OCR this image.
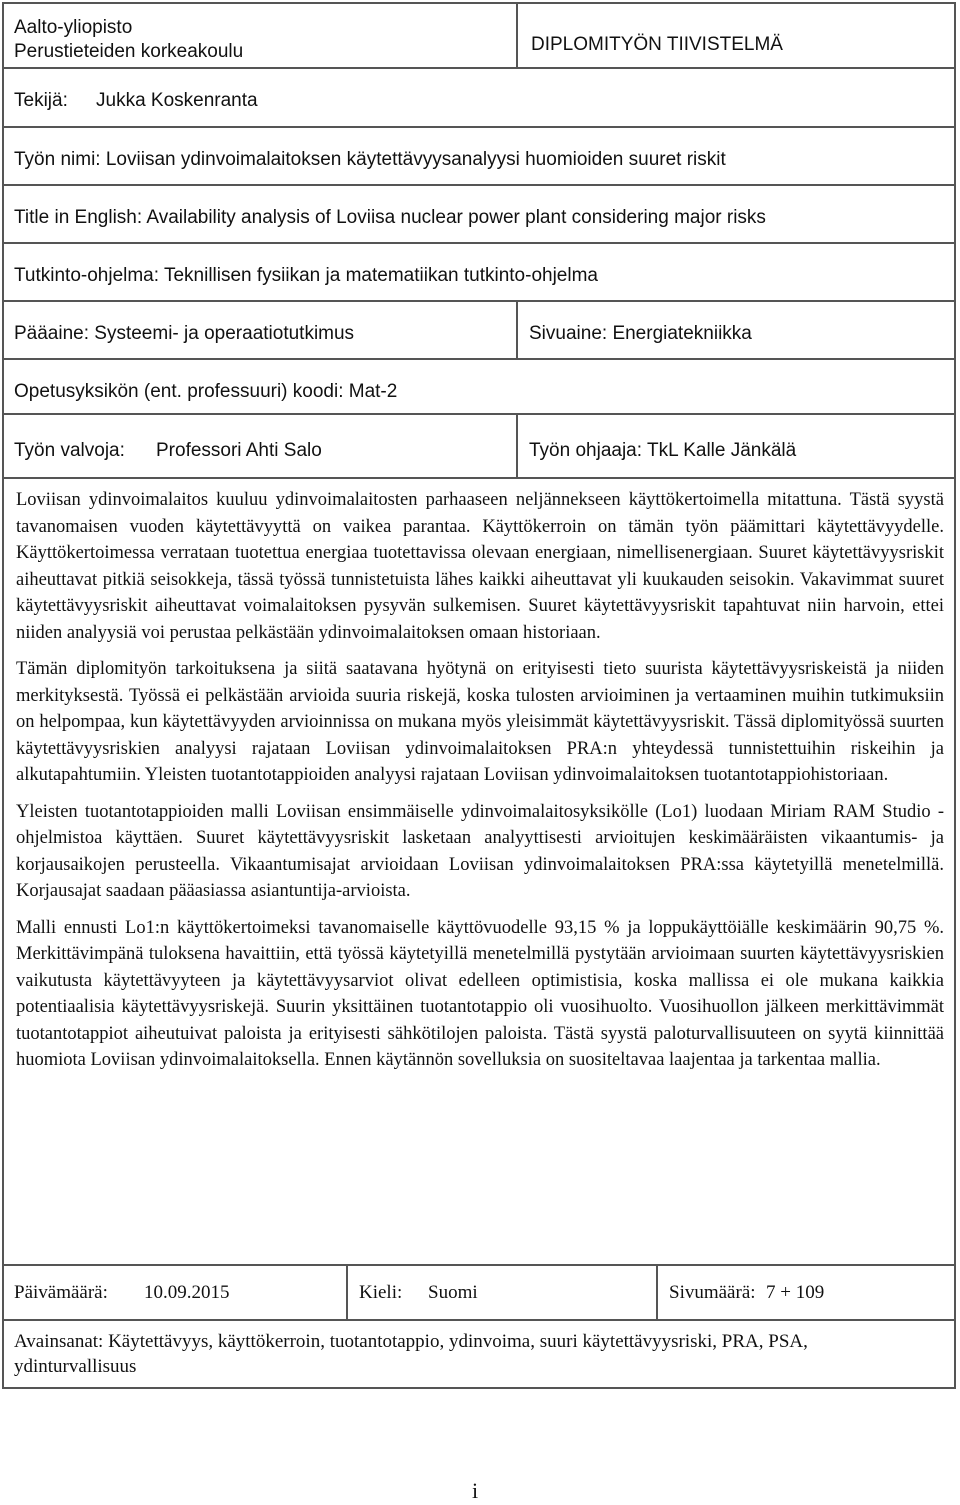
Aalto-yliopisto
Perustieteiden korkeakoulu	DIPLOMITYÖN TIIVISTELMÄ
Tekijä: Jukka Koskenranta
Työn nimi: Loviisan ydinvoimalaitoksen käytettävyysanalyysi huomioiden suuret riskit
Title in English: Availability analysis of Loviisa nuclear power plant considering major risks
Tutkinto-ohjelma: Teknillisen fysiikan ja matematiikan tutkinto-ohjelma
Pääaine: Systeemi- ja operaatiotutkimus	Sivuaine: Energiatekniikka
Opetusyksikön (ent. professuuri) koodi: Mat-2
Työn valvoja: Professori Ahti Salo	Työn ohjaaja: TkL Kalle Jänkälä

Loviisan ydinvoimalaitos kuuluu ydinvoimalaitosten parhaaseen neljännekseen käyttökertoimella mitattuna. Tästä syystä tavanomaisen vuoden käytettävyyttä on vaikea parantaa. Käyttökerroin on tämän työn päämittari käytettävyydelle. Käyttökertoimessa verrataan tuotettua energiaa tuotettavissa olevaan energiaan, nimellisenergiaan. Suuret käytettävyysriskit aiheuttavat pitkiä seisokkeja, tässä työssä tunnistetuista lähes kaikki aiheuttavat yli kuukauden seisokin. Vakavimmat suuret käytettävyysriskit aiheuttavat voimalaitoksen pysyvän sulkemisen. Suuret käytettävyysriskit tapahtuvat niin harvoin, ettei niiden analyysiä voi perustaa pelkästään ydinvoimalaitoksen omaan historiaan.

Tämän diplomityön tarkoituksena ja siitä saatavana hyötynä on erityisesti tieto suurista käytettävyysriskeistä ja niiden merkityksestä. Työssä ei pelkästään arvioida suuria riskejä, koska tulosten arvioiminen ja vertaaminen muihin tutkimuksiin on helpompaa, kun käytettävyyden arvioinnissa on mukana myös yleisimmät käytettävyysriskit. Tässä diplomityössä suurten käytettävyysriskien analyysi rajataan Loviisan ydinvoimalaitoksen PRA:n yhteydessä tunnistettuihin riskeihin ja alkutapahtumiin. Yleisten tuotantotappioiden analyysi rajataan Loviisan ydinvoimalaitoksen tuotantotappiohistoriaan.

Yleisten tuotantotappioiden malli Loviisan ensimmäiselle ydinvoimalaitosyksikölle (Lo1) luodaan Miriam RAM Studio -ohjelmistoa käyttäen. Suuret käytettävyysriskit lasketaan analyyttisesti arvioitujen keskimääräisten vikaantumis- ja korjausaikojen perusteella. Vikaantumisajat arvioidaan Loviisan ydinvoimalaitoksen PRA:ssa käytetyillä menetelmillä. Korjausajat saadaan pääasiassa asiantuntija-arvioista.

Malli ennusti Lo1:n käyttökertoimeksi tavanomaiselle käyttövuodelle 93,15 % ja loppukäyttöiälle keskimäärin 90,75 %. Merkittävimpänä tuloksena havaittiin, että työssä käytetyillä menetelmillä pystytään arvioimaan suurten käytettävyysriskien vaikutusta käytettävyyteen ja käytettävyysarviot olivat edelleen optimistisia, koska mallissa ei ole mukana kaikkia potentiaalisia käytettävyysriskejä. Suurin yksittäinen tuotantotappio oli vuosihuolto. Vuosihuollon jälkeen merkittävimmät tuotantotappiot aiheutuivat paloista ja erityisesti sähkötilojen paloista. Tästä syystä paloturvallisuuteen on syytä kiinnittää huomiota Loviisan ydinvoimalaitoksella. Ennen käytännön sovelluksia on suositeltavaa laajentaa ja tarkentaa mallia.

Päivämäärä: 10.09.2015	Kieli: Suomi	Sivumäärä: 7 + 109
Avainsanat: Käytettävyys, käyttökerroin, tuotantotappio, ydinvoima, suuri käytettävyysriski, PRA, PSA, ydinturvallisuus
i
